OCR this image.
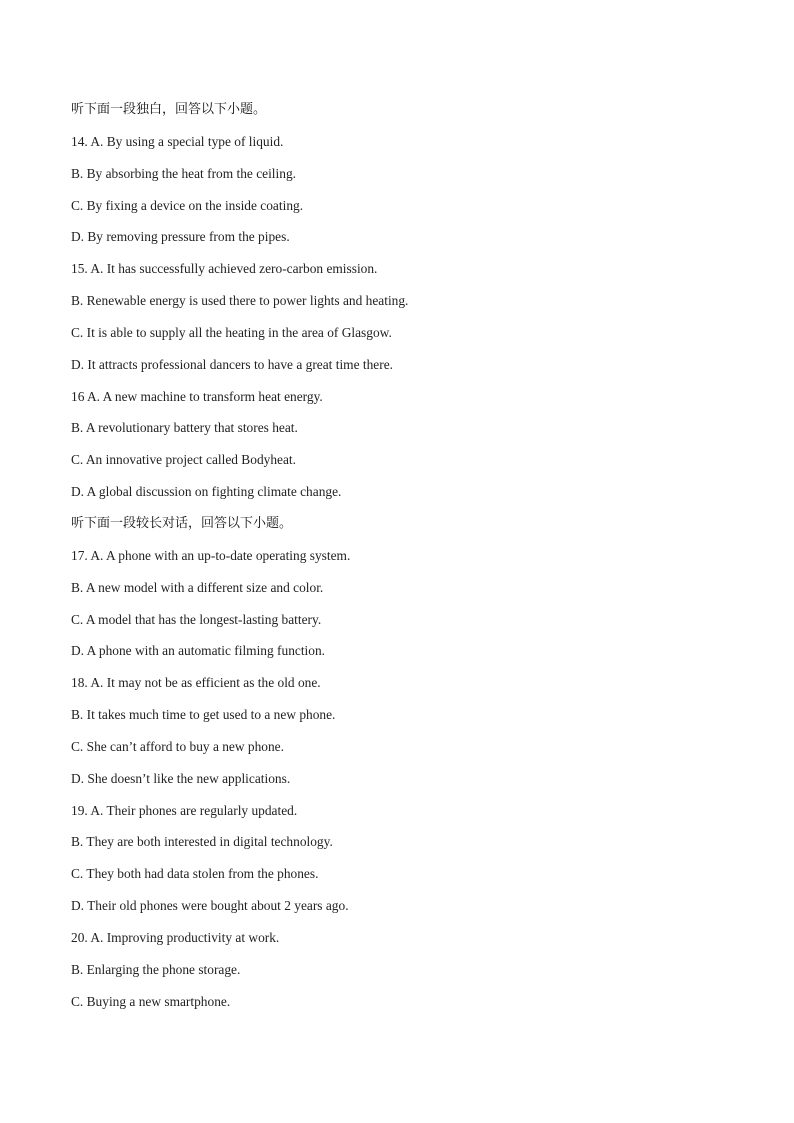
听下面一段独白，回答以下小题。
14. A. By using a special type of liquid.
B. By absorbing the heat from the ceiling.
C. By fixing a device on the inside coating.
D. By removing pressure from the pipes.
15. A. It has successfully achieved zero-carbon emission.
B. Renewable energy is used there to power lights and heating.
C. It is able to supply all the heating in the area of Glasgow.
D. It attracts professional dancers to have a great time there.
16 A. A new machine to transform heat energy.
B. A revolutionary battery that stores heat.
C. An innovative project called Bodyheat.
D. A global discussion on fighting climate change.
听下面一段较长对话，回答以下小题。
17. A. A phone with an up-to-date operating system.
B. A new model with a different size and color.
C. A model that has the longest-lasting battery.
D. A phone with an automatic filming function.
18. A. It may not be as efficient as the old one.
B. It takes much time to get used to a new phone.
C. She can’t afford to buy a new phone.
D. She doesn’t like the new applications.
19. A. Their phones are regularly updated.
B. They are both interested in digital technology.
C. They both had data stolen from the phones.
D. Their old phones were bought about 2 years ago.
20. A. Improving productivity at work.
B. Enlarging the phone storage.
C. Buying a new smartphone.
